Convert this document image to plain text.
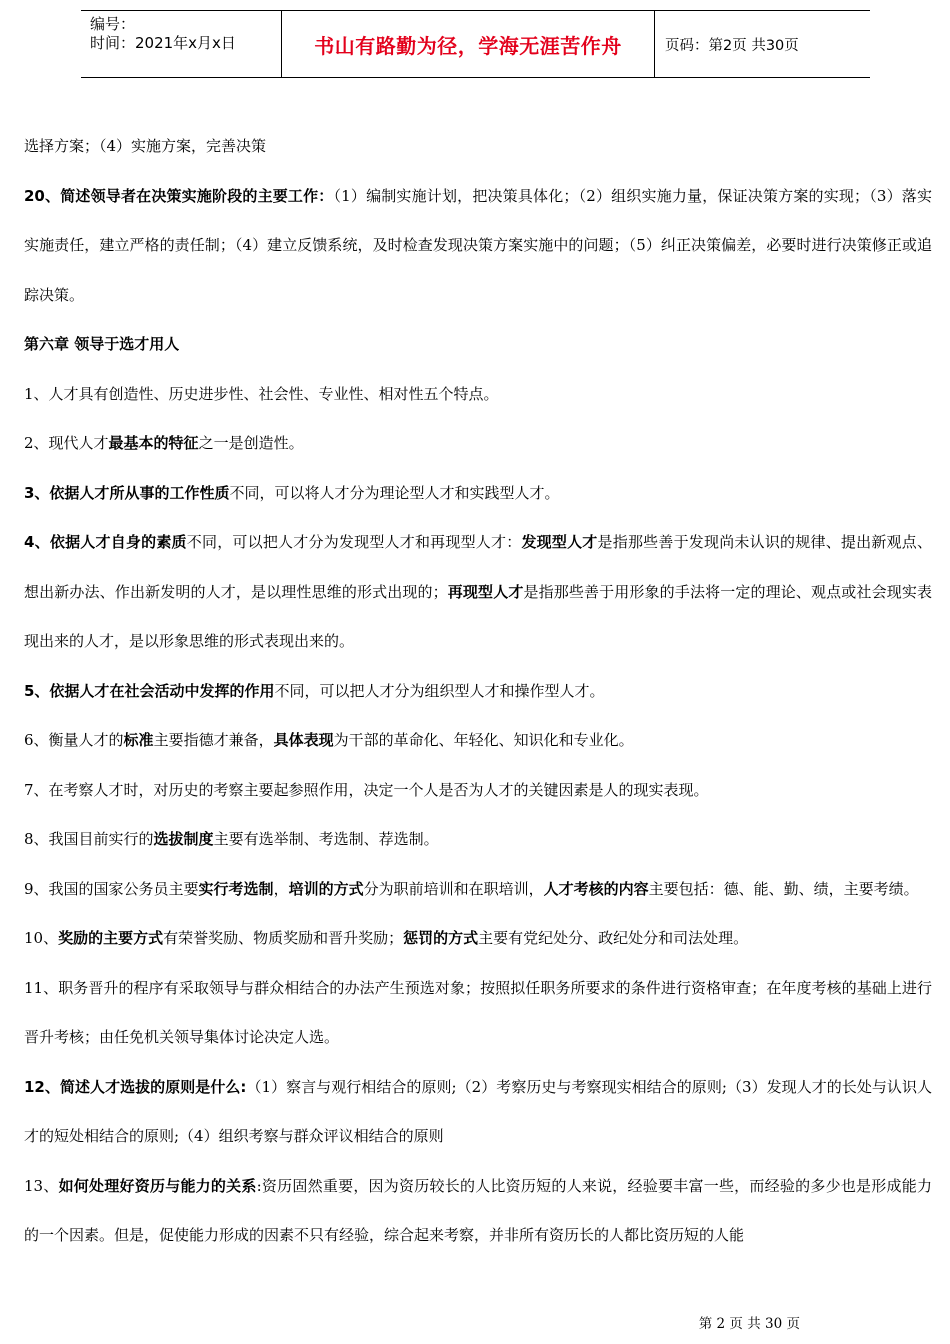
编号：
时间：2021年x月x日	书山有路勤为径，学海无涯苦作舟	页码：第2页 共30页

选择方案；（4）实施方案，完善决策

20、简述领导者在决策实施阶段的主要工作：（1）编制实施计划，把决策具体化；（2）组织实施力量，保证决策方案的实现；（3）落实实施责任，建立严格的责任制；（4）建立反馈系统，及时检查发现决策方案实施中的问题；（5）纠正决策偏差，必要时进行决策修正或追踪决策。

第六章 领导于选才用人

1、人才具有创造性、历史进步性、社会性、专业性、相对性五个特点。

2、现代人才最基本的特征之一是创造性。

3、依据人才所从事的工作性质不同，可以将人才分为理论型人才和实践型人才。

4、依据人才自身的素质不同，可以把人才分为发现型人才和再现型人才：发现型人才是指那些善于发现尚未认识的规律、提出新观点、想出新办法、作出新发明的人才，是以理性思维的形式出现的；再现型人才是指那些善于用形象的手法将一定的理论、观点或社会现实表现出来的人才，是以形象思维的形式表现出来的。

5、依据人才在社会活动中发挥的作用不同，可以把人才分为组织型人才和操作型人才。

6、衡量人才的标准主要指德才兼备，具体表现为干部的革命化、年轻化、知识化和专业化。

7、在考察人才时，对历史的考察主要起参照作用，决定一个人是否为人才的关键因素是人的现实表现。

8、我国目前实行的选拔制度主要有选举制、考选制、荐选制。

9、我国的国家公务员主要实行考选制，培训的方式分为职前培训和在职培训，人才考核的内容主要包括：德、能、勤、绩，主要考绩。

10、奖励的主要方式有荣誉奖励、物质奖励和晋升奖励；惩罚的方式主要有党纪处分、政纪处分和司法处理。

11、职务晋升的程序有采取领导与群众相结合的办法产生预选对象；按照拟任职务所要求的条件进行资格审查；在年度考核的基础上进行晋升考核；由任免机关领导集体讨论决定人选。

12、简述人才选拔的原则是什么:（1）察言与观行相结合的原则;（2）考察历史与考察现实相结合的原则;（3）发现人才的长处与认识人才的短处相结合的原则;（4）组织考察与群众评议相结合的原则

13、如何处理好资历与能力的关系:资历固然重要，因为资历较长的人比资历短的人来说，经验要丰富一些，而经验的多少也是形成能力的一个因素。但是，促使能力形成的因素不只有经验，综合起来考察，并非所有资历长的人都比资历短的人能

第 2 页 共 30 页
